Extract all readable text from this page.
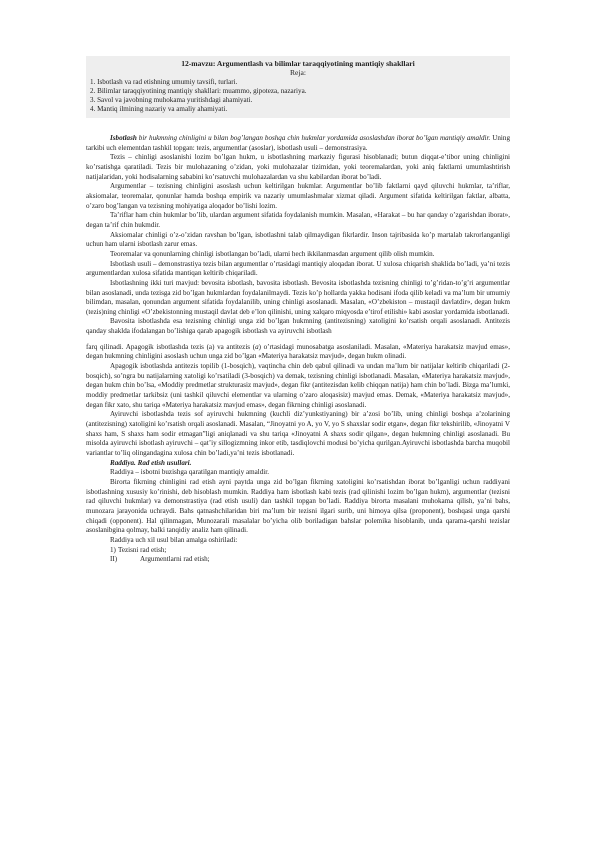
12-mavzu: Argumentlash va bilimlar taraqqiyotining mantiqiy shakllari
Reja:
1. Isbotlash va rad etishning umumiy tavsifi, turlari.
2. Bilimlar taraqqiyotining mantiqiy shakllari: muammo, gipoteza, nazariya.
3. Savol va javobning muhokama yuritishdagi ahamiyati.
4. Mantiq ilmining nazariy va amaliy ahamiyati.

Isbotlash bir hukmning chinligini u bilan bog’langan boshqa chin hukmlar yordamida asoslashdan iborat bo’lgan mantiqiy amaldir. Uning tarkibi uch elementdan tashkil topgan: tezis, argumentlar (asoslar), isbotlash usuli – demonstrasiya.

Tezis – chinligi asoslanishi lozim bo’lgan hukm, u isbotlashning markaziy figurasi hisoblanadi; butun diqqat-e’tibor uning chinligini ko’rsatishga qaratiladi. Tezis bir mulohazaning o’zidan, yoki mulohazalar tizimidan, yoki teoremalardan, yoki aniq faktlarni umumlashtirish natijalaridan, yoki hodisalarning sababini ko’rsatuvchi mulohazalardan va shu kabilardan iborat bo’ladi.

Argumentlar – tezisning chinligini asoslash uchun keltirilgan hukmlar. Argumentlar bo’lib faktlarni qayd qiluvchi hukmlar, ta’riflar, aksiomalar, teoremalar, qonunlar hamda boshqa empirik va nazariy umumlashmalar xizmat qiladi. Argument sifatida keltirilgan faktlar, albatta, o’zaro bog’langan va tezisning mohiyatiga aloqador bo’lishi lozim.

Ta’riflar ham chin hukmlar bo’lib, ulardan argument sifatida foydalanish mumkin. Masalan, «Harakat – bu har qanday o’zgarishdan iborat», degan ta’rif chin hukmdir.

Aksiomalar chinligi o’z-o’zidan ravshan bo’lgan, isbotlashni talab qilmaydigan fikrlardir. Inson tajribasida ko’p martalab takrorlanganligi uchun ham ularni isbotlash zarur emas.

Teoremalar va qonunlarning chinligi isbotlangan bo’ladi, ularni hech ikkilanmasdan argument qilib olish mumkin.

Isbotlash usuli – demonstrastiya tezis bilan argumentlar o’rtasidagi mantiqiy aloqadan iborat. U xulosa chiqarish shaklida bo’ladi, ya’ni tezis argumentlardan xulosa sifatida mantiqan keltirib chiqariladi.

Isbotlashning ikki turi mavjud: bevosita isbotlash, bavosita isbotlash. Bevosita isbotlashda tezisning chinligi to’g’ridan-to’g’ri argumentlar bilan asoslanadi, unda tezisga zid bo’lgan hukmlardan foydalanilmaydi. Tezis ko’p hollarda yakka hodisani ifoda qilib keladi va ma’lum bir umumiy bilimdan, masalan, qonundan argument sifatida foydalanilib, uning chinligi asoslanadi. Masalan, «O’zbekiston – mustaqil davlatdir», degan hukm (tezis)ning chinligi «O’zbekistonning mustaqil davlat deb e’lon qilinishi, uning xalqaro miqyosda e’tirof etilishi» kabi asoslar yordamida isbotlanadi.

Bavosita isbotlashda esa tezisning chinligi unga zid bo’lgan hukmning (antitezisning) xatoligini ko’rsatish orqali asoslanadi. Antitezis qanday shaklda ifodalangan bo’lishiga qarab apagogik isbotlash va ayiruvchi isbotlash

-

farq qilinadi. Apagogik isbotlashda tezis (a) va antitezis (a) o’rtasidagi munosabatga asoslaniladi. Masalan, «Materiya harakatsiz mavjud emas», degan hukmning chinligini asoslash uchun unga zid bo’lgan «Materiya harakatsiz mavjud», degan hukm olinadi.

Apagogik isbotlashda antitezis topilib (1-bosqich), vaqtincha chin deb qabul qilinadi va undan ma’lum bir natijalar keltirib chiqariladi (2-bosqich), so’ngra bu natijalarning xatoligi ko’rsatiladi (3-bosqich) va demak, tezisning chinligi isbotlanadi. Masalan, «Materiya harakatsiz mavjud», degan hukm chin bo’lsa, «Moddiy predmetlar strukturasiz mavjud», degan fikr (antitezisdan kelib chiqqan natija) ham chin bo’ladi. Bizga ma’lumki, moddiy predmetlar tarkibsiz (uni tashkil qiluvchi elementlar va ularning o’zaro aloqasisiz) mavjud emas. Demak, «Materiya harakatsiz mavjud», degan fikr xato, shu tariqa «Materiya harakatsiz mavjud emas», degan fikrning chinligi asoslanadi.

Ayiruvchi isbotlashda tezis sof ayiruvchi hukmning (kuchli diz’yunkstiyaning) bir a’zosi bo’lib, uning chinligi boshqa a’zolarining (antitezisning) xatoligini ko’rsatish orqali asoslanadi. Masalan, “Jinoyatni yo A, yo V, yo S shaxslar sodir etgan», degan fikr tekshirilib, «Jinoyatni V shaxs ham, S shaxs ham sodir etmagan”ligi aniqlanadi va shu tariqa «Jinoyatni A shaxs sodir qilgan», degan hukmning chinligi asoslanadi. Bu misolda ayiruvchi isbotlash ayiruvchi – qat’iy sillogizmning inkor etib, tasdiqlovchi modusi bo’yicha qurilgan.Ayiruvchi isbotlashda barcha muqobil variantlar to’liq olingandagina xulosa chin bo’ladi,ya’ni tezis isbotlanadi.

Raddiya. Rad etish usullari.

Raddiya – isbotni buzishga qaratilgan mantiqiy amaldir.

Birorta fikrning chinligini rad etish ayni paytda unga zid bo’lgan fikrning xatoligini ko’rsatishdan iborat bo’lganligi uchun raddiyani isbotlashning xususiy ko’rinishi, deb hisoblash mumkin. Raddiya ham isbotlash kabi tezis (rad qilinishi lozim bo’lgan hukm), argumentlar (tezisni rad qiluvchi hukmlar) va demonstrastiya (rad etish usuli) dan tashkil topgan bo’ladi. Raddiya birorta masalani muhokama qilish, ya’ni bahs, munozara jarayonida uchraydi. Bahs qatnashchilaridan biri ma’lum bir tezisni ilgari surib, uni himoya qilsa (proponent), boshqasi unga qarshi chiqadi (opponent). Hal qilinmagan, Munozarali masalalar bo’yicha olib boriladigan bahslar polemika hisoblanib, unda qarama-qarshi tezislar asoslanibgina qolmay, balki tanqidiy analiz ham qilinadi.

Raddiya uch xil usul bilan amalga oshiriladi:

1) Tezisni rad etish;
II)	Argumentlarni rad etish;
